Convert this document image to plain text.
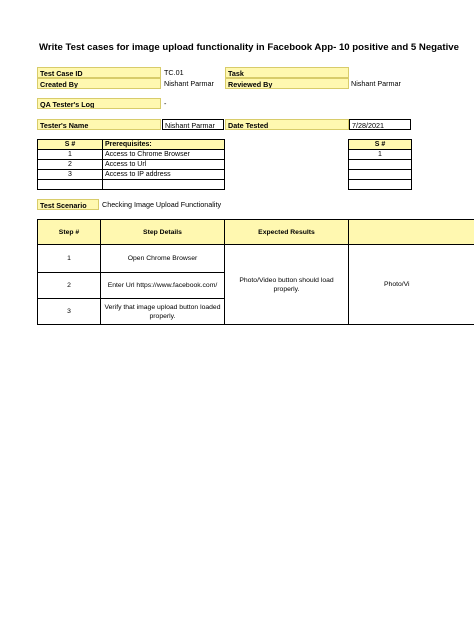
Write Test cases for image upload functionality in Facebook App- 10 positive and 5 Negative
Test Case ID	TC.01	Task
Created By	Nishant Parmar	Reviewed By	Nishant Parmar
QA Tester's Log	-
Tester's Name	Nishant Parmar	Date Tested	7/28/2021
S #	Prerequisites:
1	Access to Chrome Browser
2	Access to Url
3	Access to IP address

S #
1

Test Scenario	Checking Image Upload Functionality
Step #	Step Details	Expected Results	
1	Open Chrome Browser	Photo/Video button should load properly.	Photo/Vi
2	Enter Url https://www.facebook.com/		
3	Verify that image upload button loaded properly.		
